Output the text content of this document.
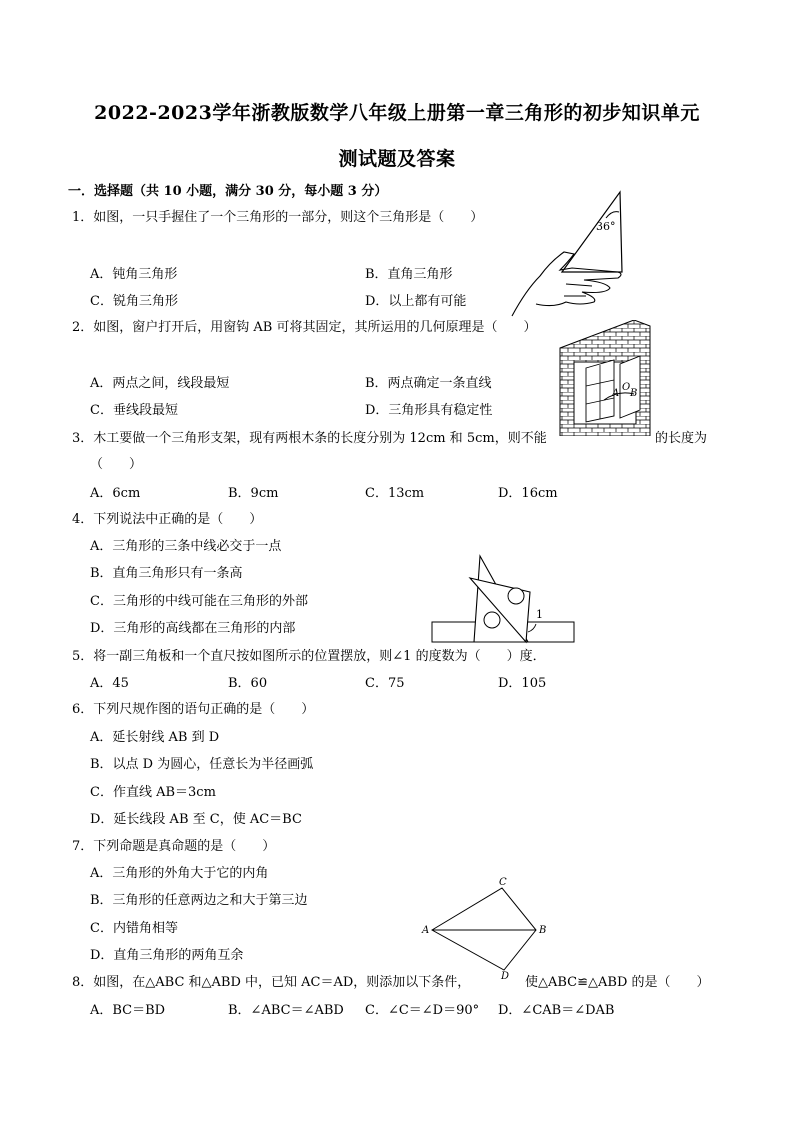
2022-2023学年浙教版数学八年级上册第一章三角形的初步知识单元
测试题及答案
一．选择题（共 10 小题，满分 30 分，每小题 3 分）
1．如图，一只手握住了一个三角形的一部分，则这个三角形是（　　）
A．钝角三角形	B．直角三角形
C．锐角三角形	D．以上都有可能
36°
2．如图，窗户打开后，用窗钩 AB 可将其固定，其所运用的几何原理是（　　）
A．两点之间，线段最短	B．两点确定一条直线
C．垂线段最短	D．三角形具有稳定性
A
O
B
3．木工要做一个三角形支架，现有两根木条的长度分别为 12cm 和 5cm，则不能	的长度为
（　　）
A．6cm	B．9cm	C．13cm	D．16cm
4．下列说法中正确的是（　　）
A．三角形的三条中线必交于一点
B．直角三角形只有一条高
C．三角形的中线可能在三角形的外部
D．三角形的高线都在三角形的内部
1
5．将一副三角板和一个直尺按如图所示的位置摆放，则∠1 的度数为（　　）度．
A．45	B．60	C．75	D．105
6．下列尺规作图的语句正确的是（　　）
A．延长射线 AB 到 D
B．以点 D 为圆心，任意长为半径画弧
C．作直线 AB＝3cm
D．延长线段 AB 至 C，使 AC＝BC
7．下列命题是真命题的是（　　）
A．三角形的外角大于它的内角
B．三角形的任意两边之和大于第三边
C．内错角相等
D．直角三角形的两角互余
C
A	B
D
8．如图，在△ABC 和△ABD 中，已知 AC＝AD，则添加以下条件，	使△ABC≌△ABD 的是（　　）
A．BC＝BD	B．∠ABC＝∠ABD C．∠C＝∠D＝90° D．∠CAB＝∠DAB
